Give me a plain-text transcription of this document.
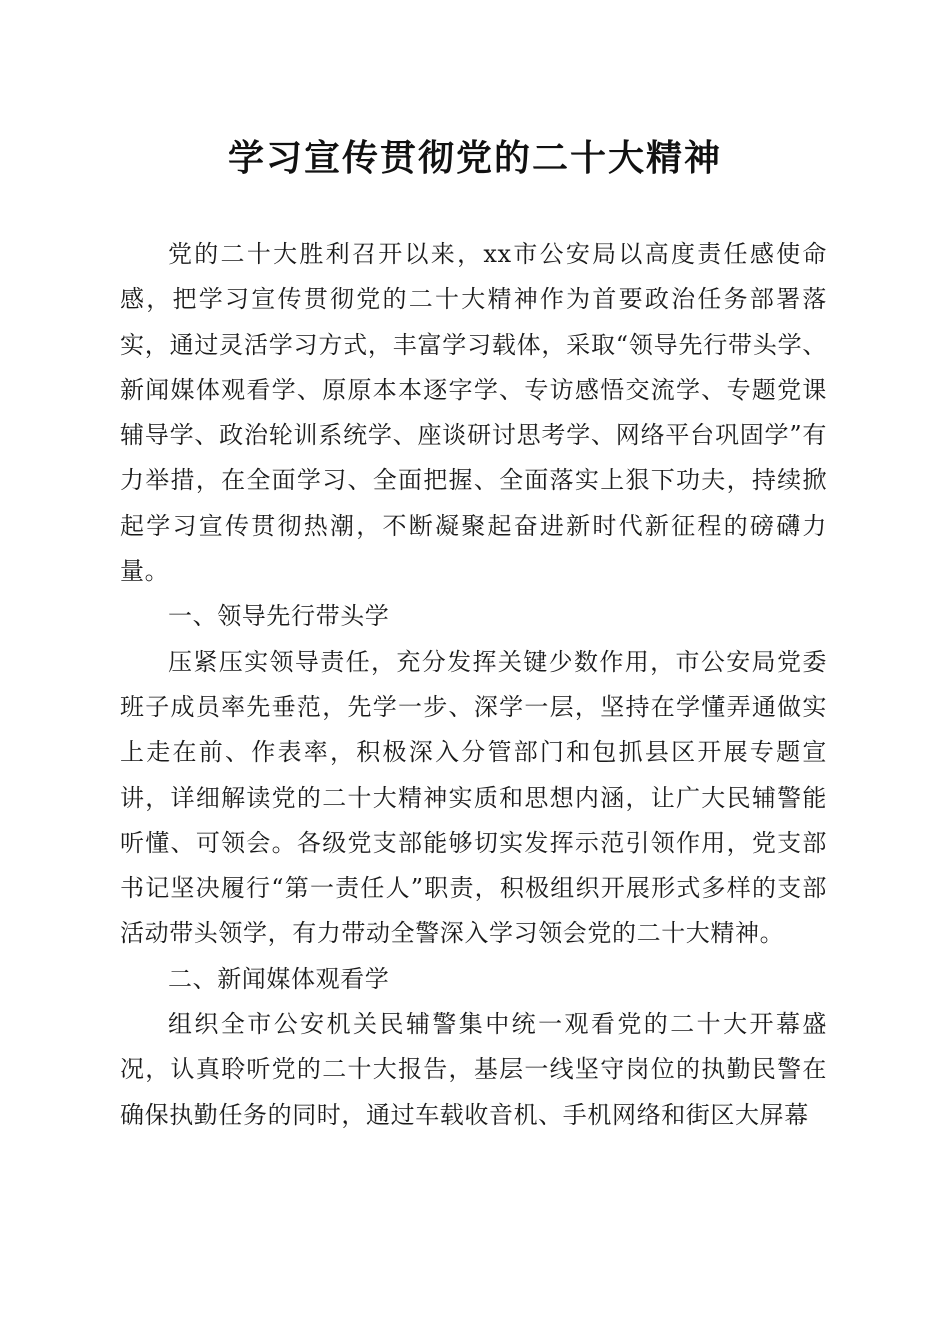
学习宣传贯彻党的二十大精神

党的二十大胜利召开以来，xx市公安局以高度责任感使命感，把学习宣传贯彻党的二十大精神作为首要政治任务部署落实，通过灵活学习方式，丰富学习载体，采取“领导先行带头学、新闻媒体观看学、原原本本逐字学、专访感悟交流学、专题党课辅导学、政治轮训系统学、座谈研讨思考学、网络平台巩固学”有力举措，在全面学习、全面把握、全面落实上狠下功夫，持续掀起学习宣传贯彻热潮，不断凝聚起奋进新时代新征程的磅礴力量。

一、领导先行带头学

压紧压实领导责任，充分发挥关键少数作用，市公安局党委班子成员率先垂范，先学一步、深学一层，坚持在学懂弄通做实上走在前、作表率，积极深入分管部门和包抓县区开展专题宣讲，详细解读党的二十大精神实质和思想内涵，让广大民辅警能听懂、可领会。各级党支部能够切实发挥示范引领作用，党支部书记坚决履行“第一责任人”职责，积极组织开展形式多样的支部活动带头领学，有力带动全警深入学习领会党的二十大精神。

二、新闻媒体观看学

组织全市公安机关民辅警集中统一观看党的二十大开幕盛况，认真聆听党的二十大报告，基层一线坚守岗位的执勤民警在确保执勤任务的同时，通过车载收音机、手机网络和街区大屏幕
